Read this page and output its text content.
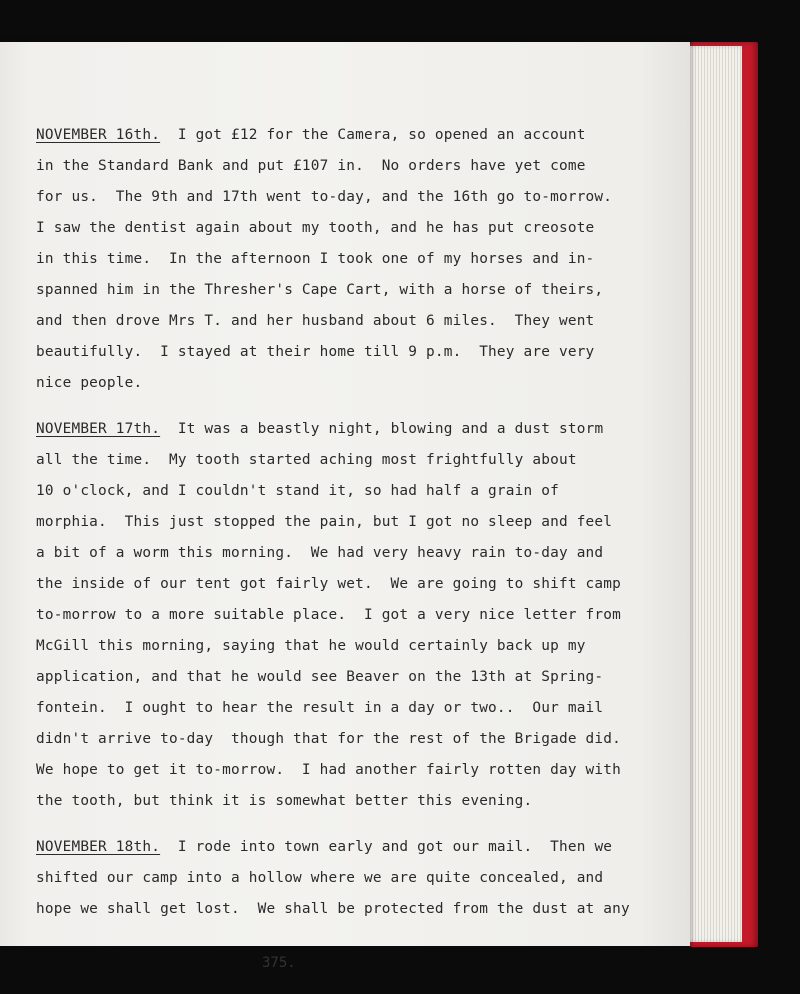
NOVEMBER 16th.  I got £12 for the Camera, so opened an account
in the Standard Bank and put £107 in.  No orders have yet come
for us.  The 9th and 17th went to-day, and the 16th go to-morrow.
I saw the dentist again about my tooth, and he has put creosote
in this time.  In the afternoon I took one of my horses and in-
spanned him in the Thresher's Cape Cart, with a horse of theirs,
and then drove Mrs T. and her husband about 6 miles.  They went
beautifully.  I stayed at their home till 9 p.m.  They are very
nice people.
NOVEMBER 17th.  It was a beastly night, blowing and a dust storm
all the time.  My tooth started aching most frightfully about
10 o'clock, and I couldn't stand it, so had half a grain of
morphia.  This just stopped the pain, but I got no sleep and feel
a bit of a worm this morning.  We had very heavy rain to-day and
the inside of our tent got fairly wet.  We are going to shift camp
to-morrow to a more suitable place.  I got a very nice letter from
McGill this morning, saying that he would certainly back up my
application, and that he would see Beaver on the 13th at Spring-
fontein.  I ought to hear the result in a day or two..  Our mail
didn't arrive to-day  though that for the rest of the Brigade did.
We hope to get it to-morrow.  I had another fairly rotten day with
the tooth, but think it is somewhat better this evening.
NOVEMBER 18th.  I rode into town early and got our mail.  Then we
shifted our camp into a hollow where we are quite concealed, and
hope we shall get lost.  We shall be protected from the dust at any
375.
